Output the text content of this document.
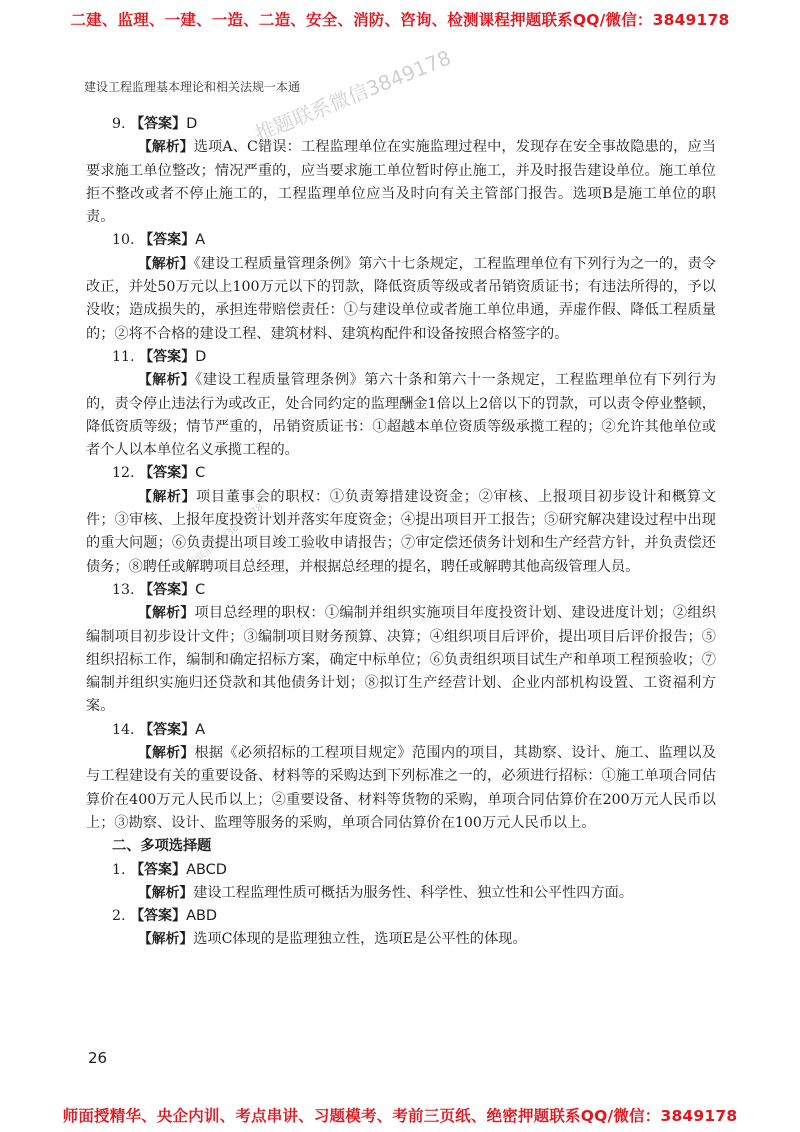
二建、监理、一建、一造、二造、安全、消防、咨询、检测课程押题联系QQ/微信：3849178
建设工程监理基本理论和相关法规一本通
推题联系微信3849178
押题联系微信3849178
9. 【答案】D

【解析】选项A、C错误：工程监理单位在实施监理过程中，发现存在安全事故隐患的，应当要求施工单位整改；情况严重的，应当要求施工单位暂时停止施工，并及时报告建设单位。施工单位拒不整改或者不停止施工的，工程监理单位应当及时向有关主管部门报告。选项B是施工单位的职责。

10. 【答案】A

【解析】《建设工程质量管理条例》第六十七条规定，工程监理单位有下列行为之一的，责令改正，并处50万元以上100万元以下的罚款，降低资质等级或者吊销资质证书；有违法所得的，予以没收；造成损失的，承担连带赔偿责任：①与建设单位或者施工单位串通，弄虚作假、降低工程质量的；②将不合格的建设工程、建筑材料、建筑构配件和设备按照合格签字的。

11. 【答案】D

【解析】《建设工程质量管理条例》第六十条和第六十一条规定，工程监理单位有下列行为的，责令停止违法行为或改正，处合同约定的监理酬金1倍以上2倍以下的罚款，可以责令停业整顿，降低资质等级；情节严重的，吊销资质证书：①超越本单位资质等级承揽工程的；②允许其他单位或者个人以本单位名义承揽工程的。

12. 【答案】C

【解析】项目董事会的职权：①负责筹措建设资金；②审核、上报项目初步设计和概算文件；③审核、上报年度投资计划并落实年度资金；④提出项目开工报告；⑤研究解决建设过程中出现的重大问题；⑥负责提出项目竣工验收申请报告；⑦审定偿还债务计划和生产经营方针，并负责偿还债务；⑧聘任或解聘项目总经理，并根据总经理的提名，聘任或解聘其他高级管理人员。

13. 【答案】C

【解析】项目总经理的职权：①编制并组织实施项目年度投资计划、建设进度计划；②组织编制项目初步设计文件；③编制项目财务预算、决算；④组织项目后评价，提出项目后评价报告；⑤组织招标工作，编制和确定招标方案，确定中标单位；⑥负责组织项目试生产和单项工程预验收；⑦编制并组织实施归还贷款和其他债务计划；⑧拟订生产经营计划、企业内部机构设置、工资福利方案。

14. 【答案】A

【解析】根据《必须招标的工程项目规定》范围内的项目，其勘察、设计、施工、监理以及与工程建设有关的重要设备、材料等的采购达到下列标准之一的，必须进行招标：①施工单项合同估算价在400万元人民币以上；②重要设备、材料等货物的采购，单项合同估算价在200万元人民币以上；③勘察、设计、监理等服务的采购，单项合同估算价在100万元人民币以上。

二、多项选择题
1. 【答案】ABCD

【解析】建设工程监理性质可概括为服务性、科学性、独立性和公平性四方面。

2. 【答案】ABD

【解析】选项C体现的是监理独立性，选项E是公平性的体现。

26
师面授精华、央企内训、考点串讲、习题模考、考前三页纸、绝密押题联系QQ/微信：3849178
